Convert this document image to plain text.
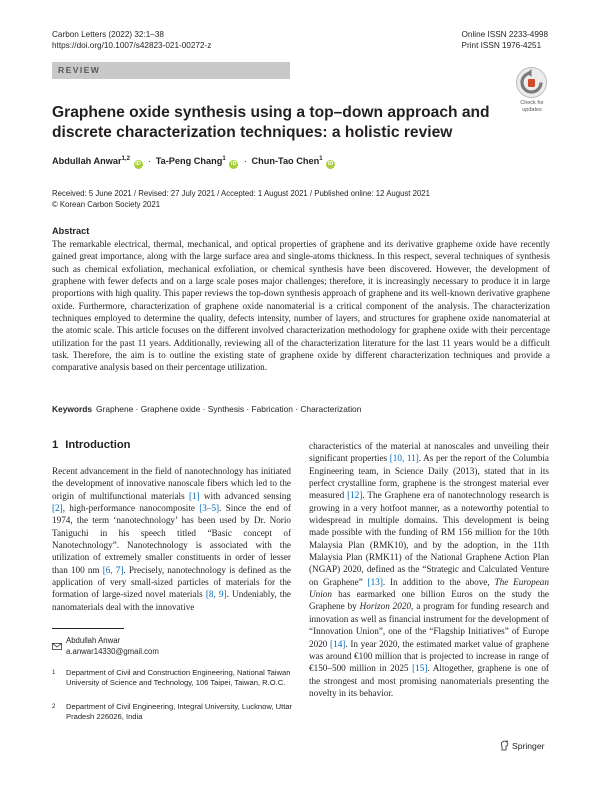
Carbon Letters (2022) 32:1–38
https://doi.org/10.1007/s42823-021-00272-z
Online ISSN 2233-4998
Print ISSN 1976-4251
REVIEW
Check for
updates
Graphene oxide synthesis using a top–down approach and discrete characterization techniques: a holistic review
Abdullah Anwar$^{1,2}$ iD · Ta-Peng Chang$^1$ iD · Chun-Tao Chen$^1$ iD
Received: 5 June 2021 / Revised: 27 July 2021 / Accepted: 1 August 2021 / Published online: 12 August 2021
© Korean Carbon Society 2021
Abstract
The remarkable electrical, thermal, mechanical, and optical properties of graphene and its derivative grapheme oxide have recently gained great importance, along with the large surface area and single-atoms thickness. In this respect, several techniques of synthesis such as chemical exfoliation, mechanical exfoliation, or chemical synthesis have been discovered. However, the development of graphene with fewer defects and on a large scale poses major challenges; therefore, it is increasingly necessary to produce it in large proportions with high quality. This paper reviews the top-down synthesis approach of graphene and its well-known derivative graphene oxide. Furthermore, characterization of graphene oxide nanomaterial is a critical component of the analysis. The characterization techniques employed to determine the quality, defects intensity, number of layers, and structures for graphene oxide nanomaterial at the atomic scale. This article focuses on the different involved characterization methodology for graphene oxide with their percentage utilization for the past 11 years. Additionally, reviewing all of the characterization literature for the last 11 years would be a difficult task. Therefore, the aim is to outline the existing state of graphene oxide by different characterization techniques and provide a comparative analysis based on their percentage utilization.
Keywords Graphene · Graphene oxide · Synthesis · Fabrication · Characterization
1 Introduction
Recent advancement in the field of nanotechnology has initiated the development of innovative nanoscale fibers which led to the origin of multifunctional materials [1] with advanced sensing [2], high-performance nanocomposite [3–5]. Since the end of 1974, the term ‘nanotechnology’ has been used by Dr. Norio Taniguchi in his speech titled “Basic concept of Nanotechnology”. Nanotechnology is associated with the utilization of extremely smaller constituents in order of lesser than 100 nm [6, 7]. Precisely, nanotechnology is defined as the application of very small-sized particles of materials for the formation of large-sized novel materials [8, 9]. Undeniably, the nanomaterials deal with the innovative
characteristics of the material at nanoscales and unveiling their significant properties [10, 11]. As per the report of the Columbia Engineering team, in Science Daily (2013), stated that in its perfect crystalline form, graphene is the strongest material ever measured [12]. The Graphene era of nanotechnology research is growing in a very hotfoot manner, as a noteworthy potential to widespread in multiple domains. This development is being made possible with the funding of RM 156 million for the 10th Malaysia Plan (RMK10), and by the adoption, in the 11th Malaysia Plan (RMK11) of the National Graphene Action Plan (NGAP) 2020, defined as the “Strategic and Calculated Venture on Graphene” [13]. In addition to the above, The European Union has earmarked one billion Euros on the study the Graphene by Horizon 2020, a program for funding research and innovation as well as financial instrument for the development of “Innovation Union”, one of the “Flagship Initiatives” of Europe 2020 [14]. In year 2020, the estimated market value of graphene was around €100 million that is projected to increase in range of €150–500 million in 2025 [15]. Altogether, graphene is one of the strongest and most promising nanomaterials presenting the novelty in its behavior.
Abdullah Anwar
a.anwar14330@gmail.com
1 Department of Civil and Construction Engineering, National Taiwan University of Science and Technology, 106 Taipei, Taiwan, R.O.C.
2 Department of Civil Engineering, Integral University, Lucknow, Uttar Pradesh 226026, India
Springer
